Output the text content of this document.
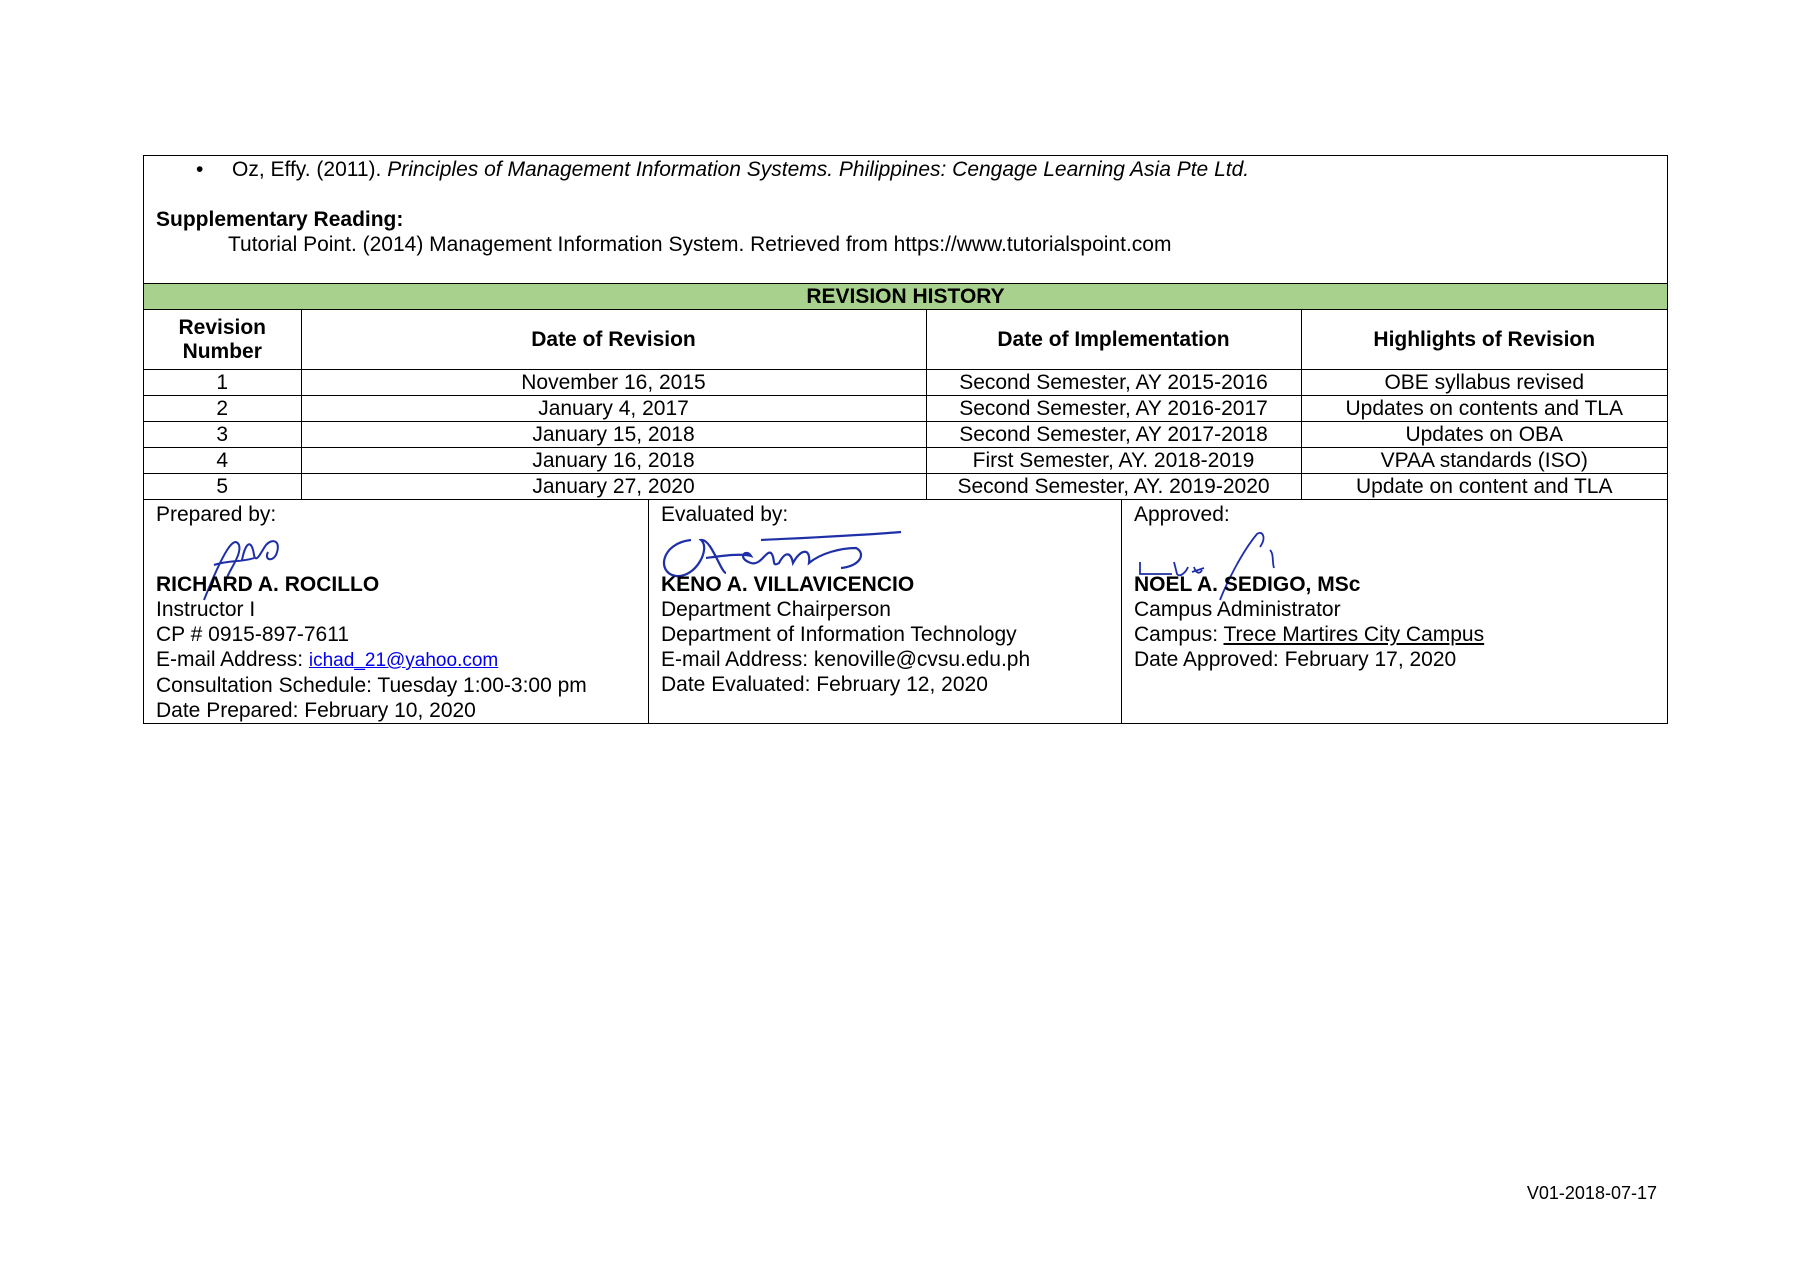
• Oz, Effy. (2011). Principles of Management Information Systems. Philippines: Cengage Learning Asia Pte Ltd.
Supplementary Reading:
Tutorial Point. (2014) Management Information System. Retrieved from https://www.tutorialspoint.com
REVISION HISTORY
Revision Number	Date of Revision	Date of Implementation	Highlights of Revision
1	November 16, 2015	Second Semester, AY 2015-2016	OBE syllabus revised
2	January 4, 2017	Second Semester, AY 2016-2017	Updates on contents and TLA
3	January 15, 2018	Second Semester, AY 2017-2018	Updates on OBA
4	January 16, 2018	First Semester, AY. 2018-2019	VPAA standards (ISO)
5	January 27, 2020	Second Semester, AY. 2019-2020	Update on content and TLA
Prepared by:
RICHARD A. ROCILLO
Instructor I
CP # 0915-897-7611
E-mail Address: ichad_21@yahoo.com
Consultation Schedule: Tuesday 1:00-3:00 pm
Date Prepared: February 10, 2020
Evaluated by:
KENO A. VILLAVICENCIO
Department Chairperson
Department of Information Technology
E-mail Address: kenoville@cvsu.edu.ph
Date Evaluated: February 12, 2020
Approved:
NOEL A. SEDIGO, MSc
Campus Administrator
Campus: Trece Martires City Campus
Date Approved: February 17, 2020
V01-2018-07-17
